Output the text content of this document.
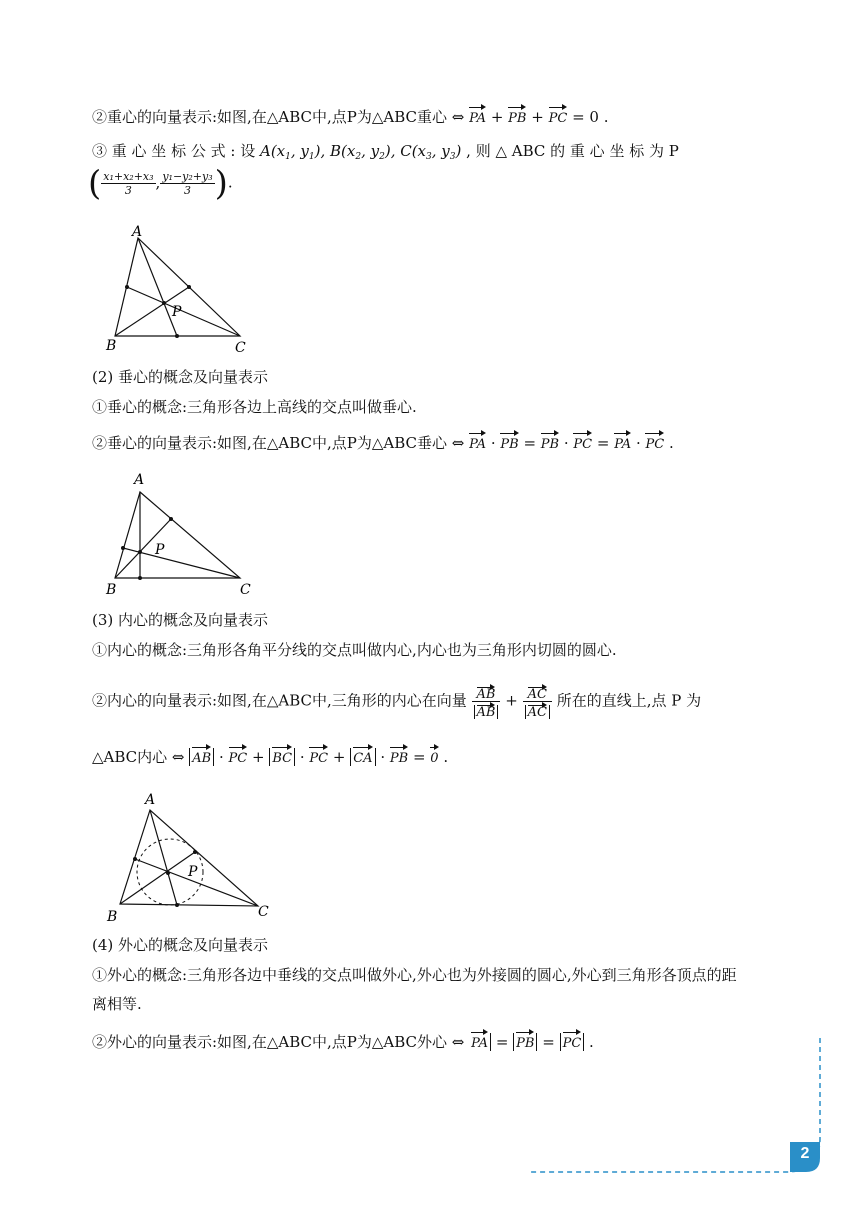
②重心的向量表示:如图,在△ABC中,点P为△ABC重心 ⇔ PA + PB + PC = 0 .
③ 重 心 坐 标 公 式 : 设 $A(x_1$, $y_1$), $B(x_2$, $y_2$), $C(x_3$, $y_3$) , 则 △ ABC 的 重 心 坐 标 为 P
( $\frac{\text{x₁+x₂+x₃}}{3}$ , $\frac{\text{y₁−y₂+y₃}}{3}$ ).
A
B	C
P
(2) 垂心的概念及向量表示
①垂心的概念:三角形各边上高线的交点叫做垂心.
②垂心的向量表示:如图,在△ABC中,点P为△ABC垂心 ⇔ PA · PB = PB · PC = PA · PC .
A
B	C
P
(3) 内心的概念及向量表示
①内心的概念:三角形各角平分线的交点叫做内心,内心也为三角形内切圆的圆心.
②内心的向量表示:如图,在△ABC中,三角形的内心在向量 $\frac{AB}{AB} + \frac{AC}{AC}$ 所在的直线上,点 P 为
△ABC内心 ⇔ AB · PC + BC · PC + CA · PB = 0 .
A
B	C
P
(4) 外心的概念及向量表示
①外心的概念:三角形各边中垂线的交点叫做外心,外心也为外接圆的圆心,外心到三角形各顶点的距
离相等.
②外心的向量表示:如图,在△ABC中,点P为△ABC外心 ⇔ PA = PB = PC .
2
